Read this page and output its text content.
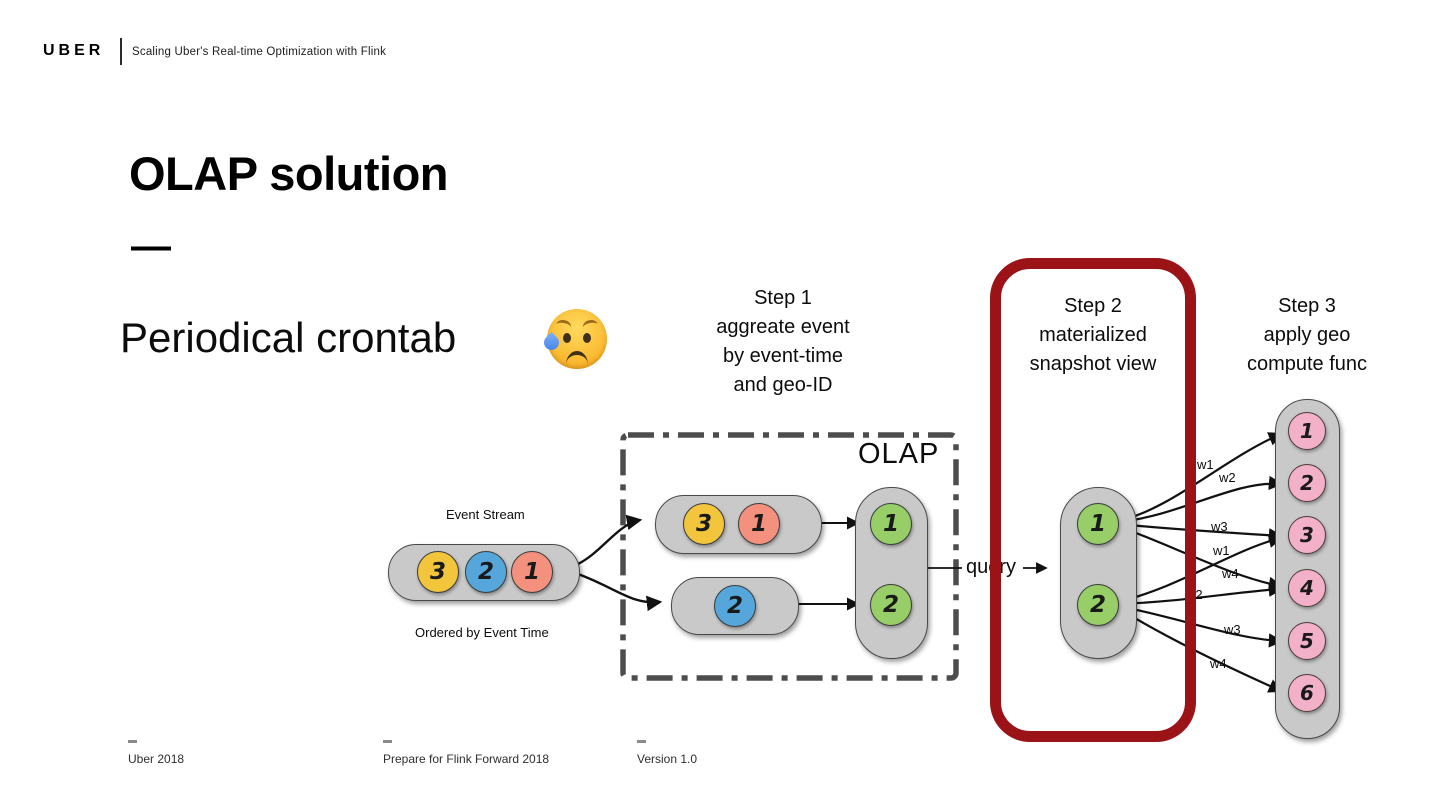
UBER Scaling Uber's Real-time Optimization with Flink
OLAP solution
—
Periodical crontab
Step 1
aggreate event
by event-time
and geo-ID
Step 2
materialized
snapshot view
Step 3
apply geo
compute func
Event Stream
3 2 1
Ordered by Event Time
OLAP
3 1
2
1
2
query
1
2
w1
w2
w3
w1
w4
w2
w3
w4
1
2
3
4
5
6
Uber 2018	Prepare for Flink Forward 2018	Version 1.0
